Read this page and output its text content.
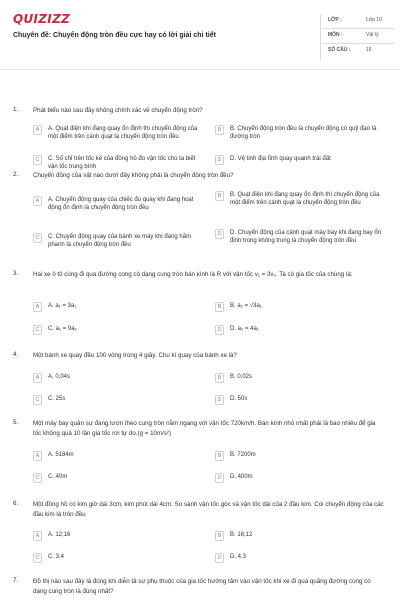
QUIZIZZ
Chuyên đề: Chuyển động tròn đều cực hay có lời giải chi tiết
LỚP :	Lớp 10
MÔN :	Vật lý
SỐ CÂU :	16
1. Phát biểu nào sau đây không chính xác về chuyển động tròn?
A	A. Quạt điện khi đang quay ổn định thì chuyển động của một điểm trên cánh quạt là chuyển động tròn đều
B	B. Chuyển động tròn đều là chuyển động có quỹ đạo là đường tròn
C	C. Số chỉ trên tốc kế của đồng hồ đo vận tốc cho ta biết vận tốc trung bình
D	D. Vệ tinh địa tĩnh quay quanh trái đất
2. Chuyển động của vật nào dưới đây không phải là chuyển động tròn đều?
A	A. Chuyển động quay của chiếc đu quay khi đang hoạt động ổn định là chuyển động tròn đều
B	B. Quạt điện khi đang quay ổn định thì chuyển động của một điểm trên cánh quạt là chuyển động tròn đều
C	C. Chuyển động quay của bánh xe máy khi đang hãm phanh là chuyển động tròn đều
D	D. Chuyển động của cánh quạt máy bay khi đang bay ổn định trong không trung là chuyển động tròn đều
3. Hai xe ô tô cùng đi qua đường cong có dạng cung tròn bán kính là R với vận tốc v₁ = 3v₂. Ta có gia tốc của chúng là:
A	A. a₁ = 3a₂	B	B. a₂ = √3a₁
C	C. a₁ = 9a₂	D	D. a₂ = 4a₁
4. Một bánh xe quay đều 100 vòng trong 4 giây. Chu kì quay của bánh xe là?
A	A. 0,04s	B	B. 0,02s
C	C. 25s	D	D. 50s
5. Một máy bay quân sự đang lượn theo cung tròn nằm ngang với vận tốc 720km/h. Bán kính nhỏ nhất phải là bao nhiêu để gia tốc không quá 10 lần gia tốc rơi tự do.(g = 10m/s²)
A	A. 5184m	B	B. 7200m
C	C. 40m	D	D. 400m
6. Một đồng hồ có kim giờ dài 3cm, kim phút dài 4cm. So sánh vận tốc góc và vận tốc dài của 2 đầu kim. Coi chuyển động của các đầu kim là tròn đều
A	A. 12;16	B	B. 16;12
C	C. 3;4	D	D. 4;3
7. Đồ thị nào sau đây là đúng khi diễn tả sự phụ thuộc của gia tốc hướng tâm vào vận tốc khi xe đi qua quãng đường cong có dạng cung tròn là đúng nhất?
